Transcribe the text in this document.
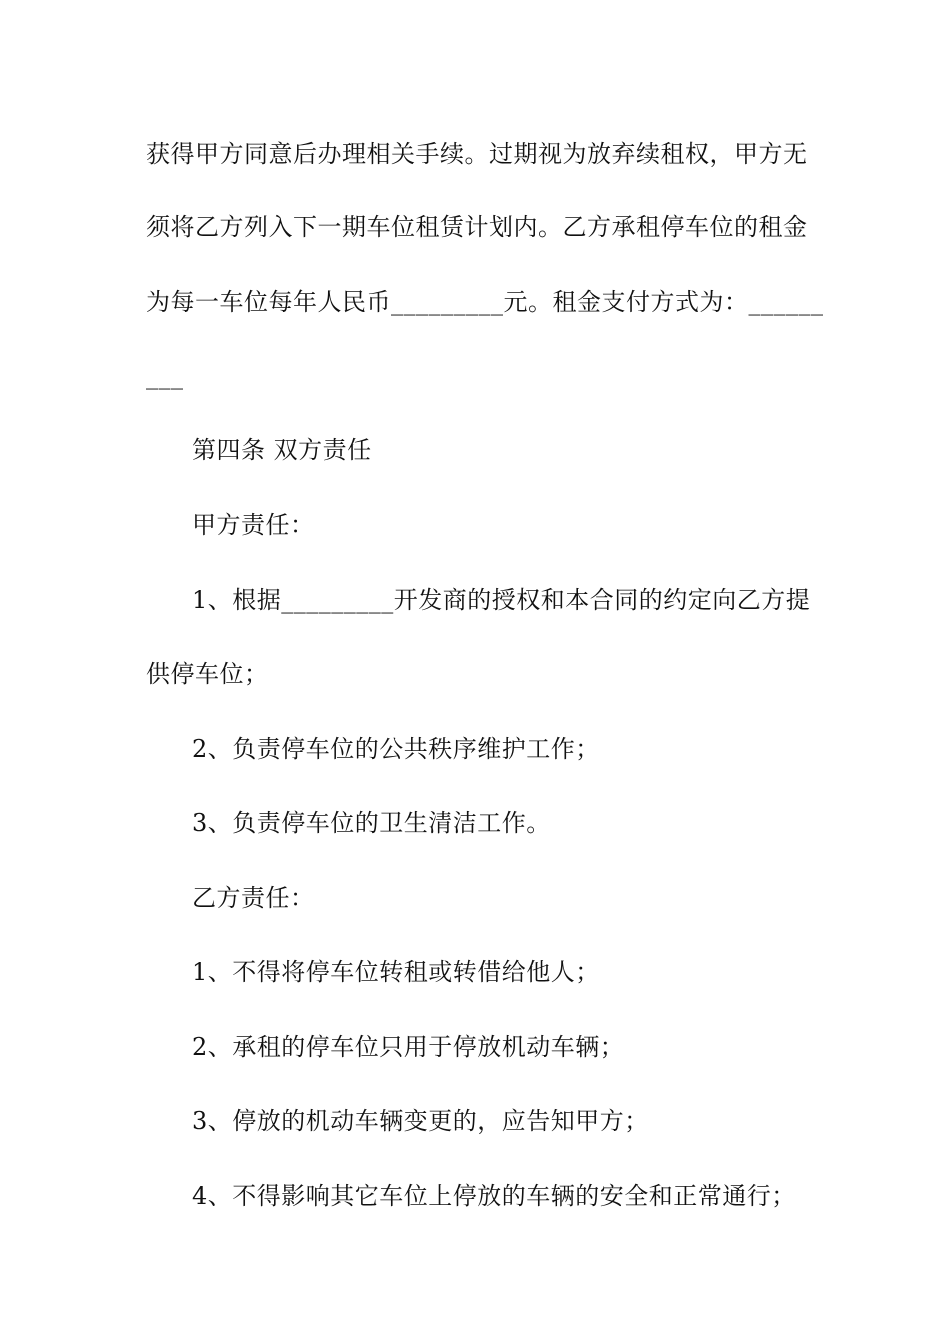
获得甲方同意后办理相关手续。过期视为放弃续租权，甲方无
须将乙方列入下一期车位租赁计划内。乙方承租停车位的租金
为每一车位每年人民币_________元。租金支付方式为：______
___
第四条 双方责任
甲方责任：
1、根据_________开发商的授权和本合同的约定向乙方提
供停车位；
2、负责停车位的公共秩序维护工作；
3、负责停车位的卫生清洁工作。
乙方责任：
1、不得将停车位转租或转借给他人；
2、承租的停车位只用于停放机动车辆；
3、停放的机动车辆变更的，应告知甲方；
4、不得影响其它车位上停放的车辆的安全和正常通行；
